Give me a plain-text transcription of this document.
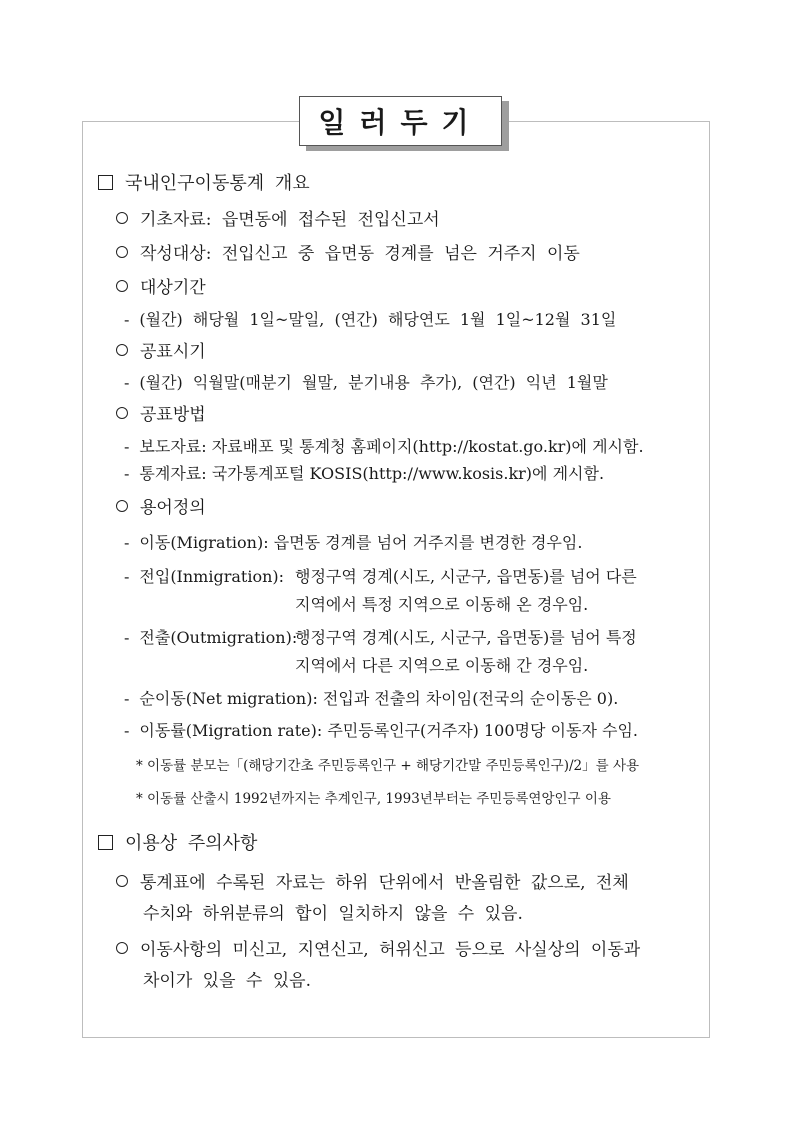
일러두기
국내인구이동통계 개요
기초자료: 읍면동에 접수된 전입신고서
작성대상: 전입신고 중 읍면동 경계를 넘은 거주지 이동
대상기간
- (월간) 해당월 1일~말일, (연간) 해당연도 1월 1일~12월 31일
공표시기
- (월간) 익월말(매분기 월말, 분기내용 추가), (연간) 익년 1월말
공표방법
- 보도자료: 자료배포 및 통계청 홈페이지(http://kostat.go.kr)에 게시함.
- 통계자료: 국가통계포털 KOSIS(http://www.kosis.kr)에 게시함.
용어정의
- 이동(Migration): 읍면동 경계를 넘어 거주지를 변경한 경우임.
- 전입(Inmigration): 행정구역 경계(시도, 시군구, 읍면동)를 넘어 다른
지역에서 특정 지역으로 이동해 온 경우임.
- 전출(Outmigration):
행정구역 경계(시도, 시군구, 읍면동)를 넘어 특정
지역에서 다른 지역으로 이동해 간 경우임.
- 순이동(Net migration): 전입과 전출의 차이임(전국의 순이동은 0).
- 이동률(Migration rate): 주민등록인구(거주자) 100명당 이동자 수임.
* 이동률 분모는「(해당기간초 주민등록인구 + 해당기간말 주민등록인구)/2」를 사용
* 이동률 산출시 1992년까지는 추계인구, 1993년부터는 주민등록연앙인구 이용
이용상 주의사항
통계표에 수록된 자료는 하위 단위에서 반올림한 값으로, 전체
수치와 하위분류의 합이 일치하지 않을 수 있음.
이동사항의 미신고, 지연신고, 허위신고 등으로 사실상의 이동과
차이가 있을 수 있음.
